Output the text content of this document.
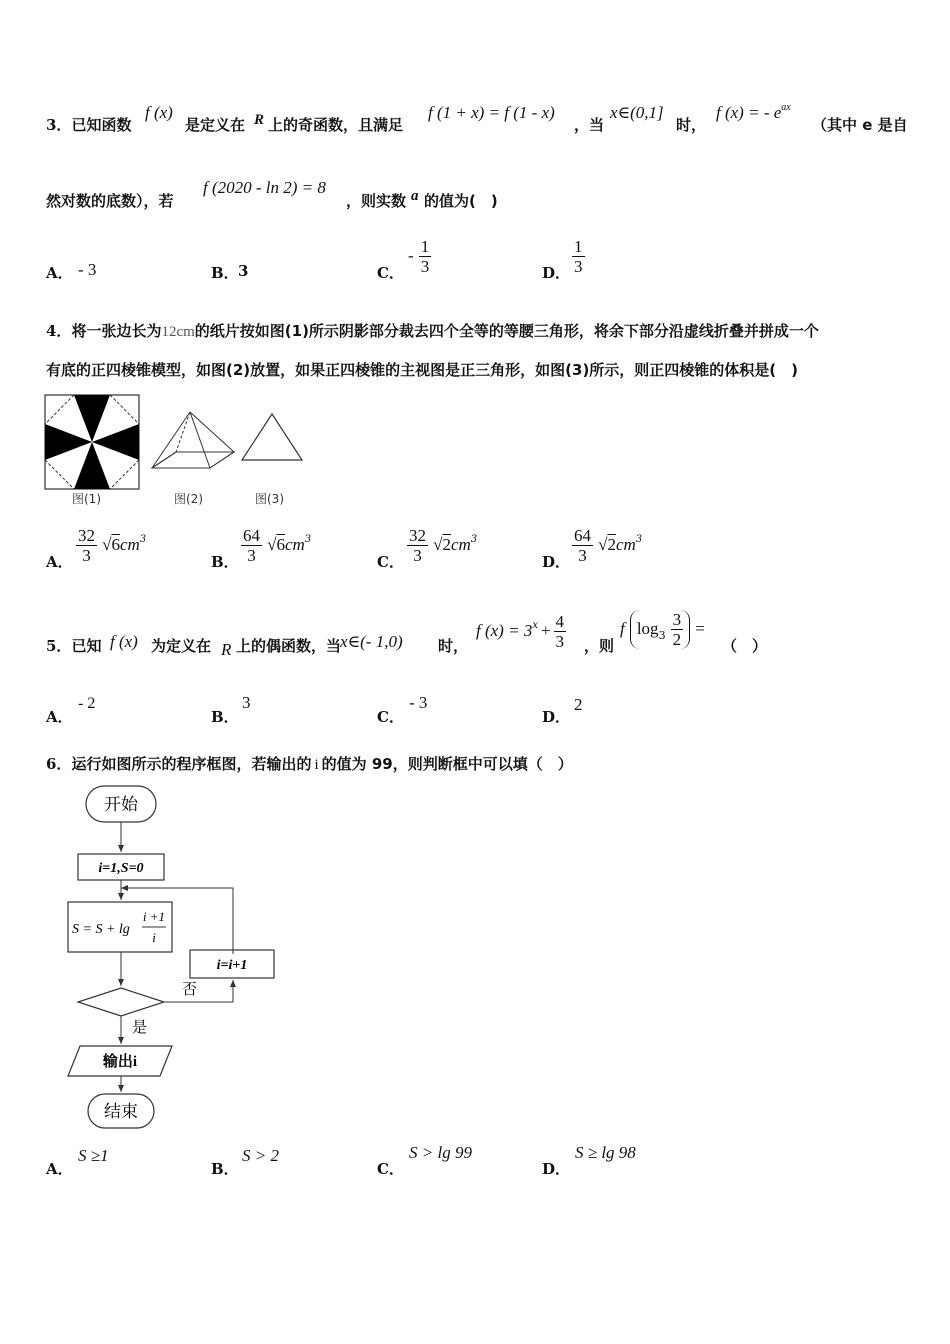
3．已知函数
f (x)
是定义在 R 上的奇函数，且满足
f (1 + x) = f (1 - x)
，当
x∈(0,1]
时，
f (x) = - $e^{ax}$
（其中 e 是自
然对数的底数），若
f (2020 - ln 2) = 8
，则实数 a 的值为(　)
A． - 3	B． 3	C．
- $\frac{1}{3}$	D． $\frac{1}{3}$
4．将一张边长为12cm的纸片按如图(1)所示阴影部分裁去四个全等的等腰三角形，将余下部分沿虚线折叠并拼成一个
有底的正四棱锥模型，如图(2)放置，如果正四棱锥的主视图是正三角形，如图(3)所示，则正四棱锥的体积是(　)
图(1)	图(2)	图(3)
A． $\frac{32}{3} √6cm^3$
B． $\frac{64}{3} √6cm^3$
C． $\frac{32}{3} √2cm^3$
D． $\frac{64}{3} √2cm^3$
5．已知 f (x) 为定义在 R 上的偶函数，当
x∈(- 1,0) 时，
f $(x) = 3^x + \frac{4}{3}$ ，则
f $\log_3 \frac{3}{2}$ =
（　）
A．
- 2
B．
3
C．
- 3
D．
2
6．运行如图所示的程序框图，若输出的 i 的值为 99，则判断框中可以填（　）
开始
i=1,S=0
S = S + lg
i +1
i
否
i=i+1
是
输出i
结束
A．
S ≥1
B．
S > 2
C．
S > lg 99
D．
S ≥ lg 98
